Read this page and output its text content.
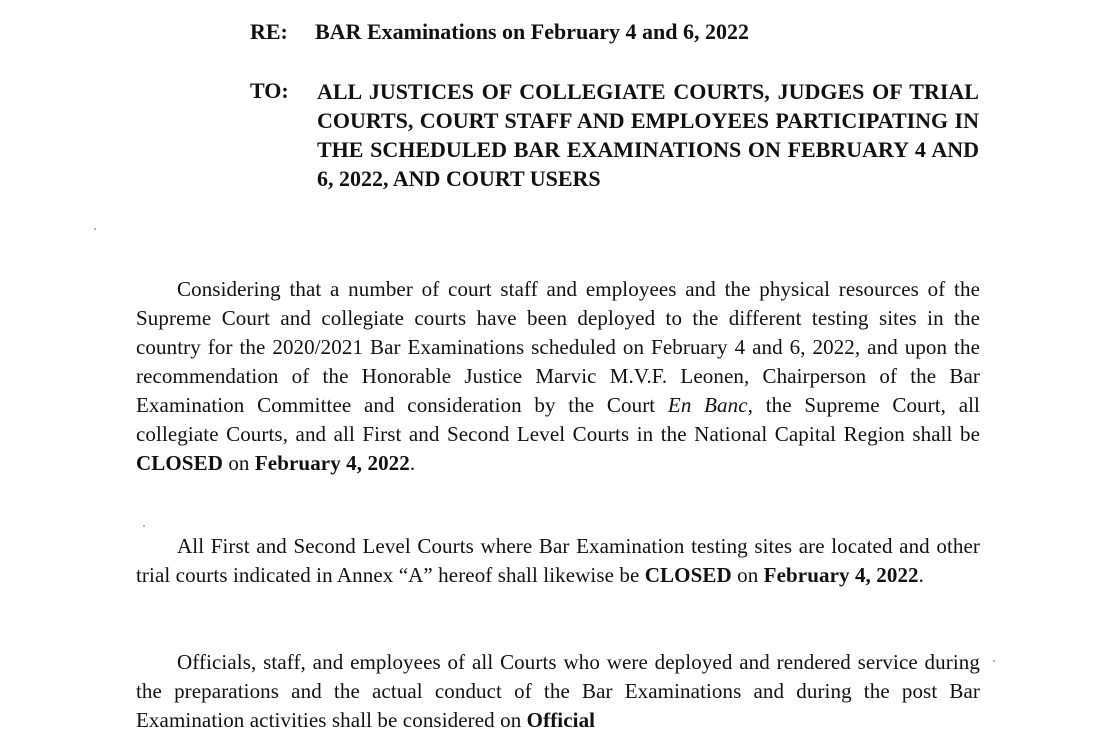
RE:	BAR Examinations on February 4 and 6, 2022
TO:	ALL JUSTICES OF COLLEGIATE COURTS, JUDGES OF TRIAL COURTS, COURT STAFF AND EMPLOYEES PARTICIPATING IN THE SCHEDULED BAR EXAMINATIONS ON FEBRUARY 4 AND 6, 2022, AND COURT USERS
Considering that a number of court staff and employees and the physical resources of the Supreme Court and collegiate courts have been deployed to the different testing sites in the country for the 2020/2021 Bar Examinations scheduled on February 4 and 6, 2022, and upon the recommendation of the Honorable Justice Marvic M.V.F. Leonen, Chairperson of the Bar Examination Committee and consideration by the Court En Banc, the Supreme Court, all collegiate Courts, and all First and Second Level Courts in the National Capital Region shall be CLOSED on February 4, 2022.
All First and Second Level Courts where Bar Examination testing sites are located and other trial courts indicated in Annex “A” hereof shall likewise be CLOSED on February 4, 2022.
Officials, staff, and employees of all Courts who were deployed and rendered service during the preparations and the actual conduct of the Bar Examinations and during the post Bar Examination activities shall be considered on Official
